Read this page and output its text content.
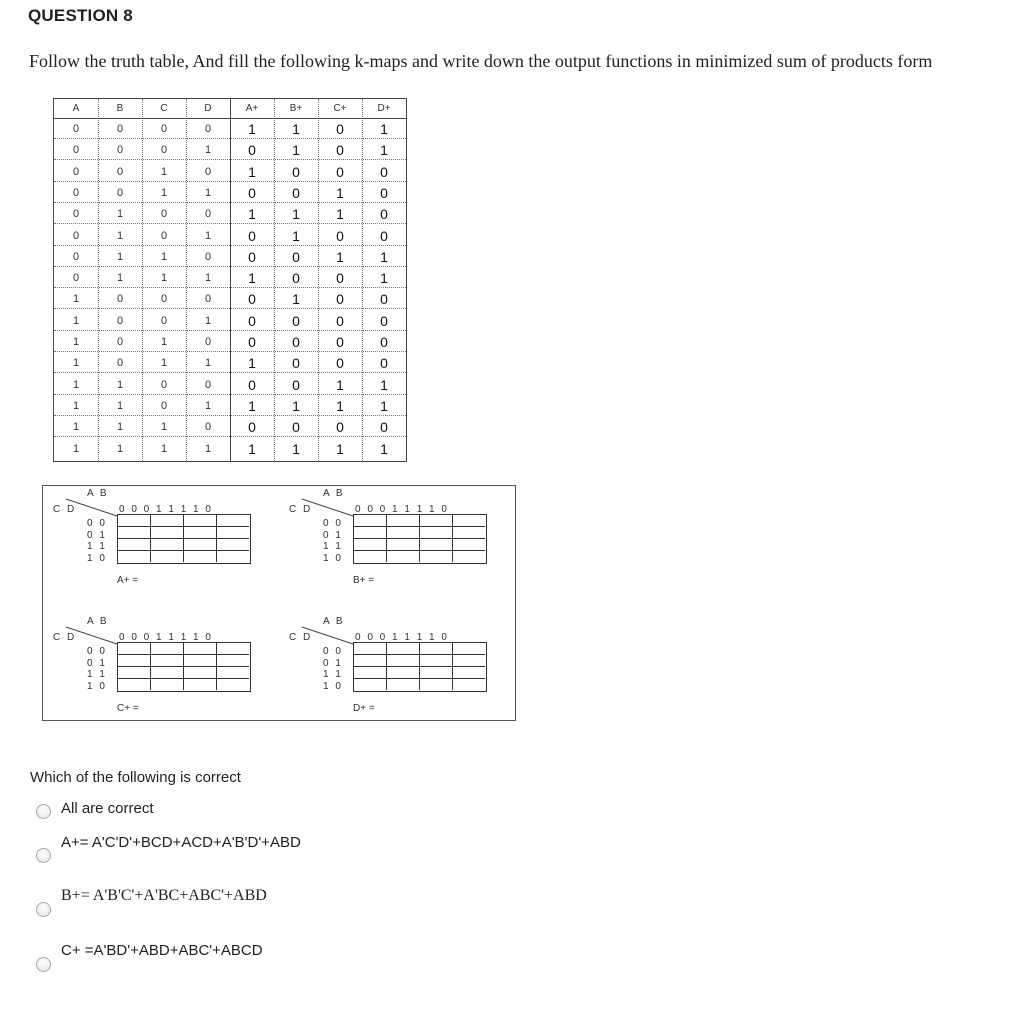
QUESTION 8
Follow the truth table, And fill the following k-maps and write down the output functions in minimized sum of products form
A	B	C	D	A+	B+	C+	D+
0	0	0	0	1	1	0	1
0	0	0	1	0	1	0	1
0	0	1	0	1	0	0	0
0	0	1	1	0	0	1	0
0	1	0	0	1	1	1	0
0	1	0	1	0	1	0	0
0	1	1	0	0	0	1	1
0	1	1	1	1	0	0	1
1	0	0	0	0	1	0	0
1	0	0	1	0	0	0	0
1	0	1	0	0	0	0	0
1	0	1	1	1	0	0	0
1	1	0	0	0	0	1	1
1	1	0	1	1	1	1	1
1	1	1	0	0	0	0	0
1	1	1	1	1	1	1	1
A B
C D	0 0 0 1 1 1 1 0
0 0
0 1
1 1
1 0
A+ =
A B
C D	0 0 0 1 1 1 1 0
0 0
0 1
1 1
1 0
B+ =
A B
C D	0 0 0 1 1 1 1 0
0 0
0 1
1 1
1 0
C+ =
A B
C D	0 0 0 1 1 1 1 0
0 0
0 1
1 1
1 0
D+ =
Which of the following is correct
All are correct
A+= A'C'D'+BCD+ACD+A'B'D'+ABD
B+= A'B'C'+A'BC+ABC'+ABD
C+ =A'BD'+ABD+ABC'+ABCD
